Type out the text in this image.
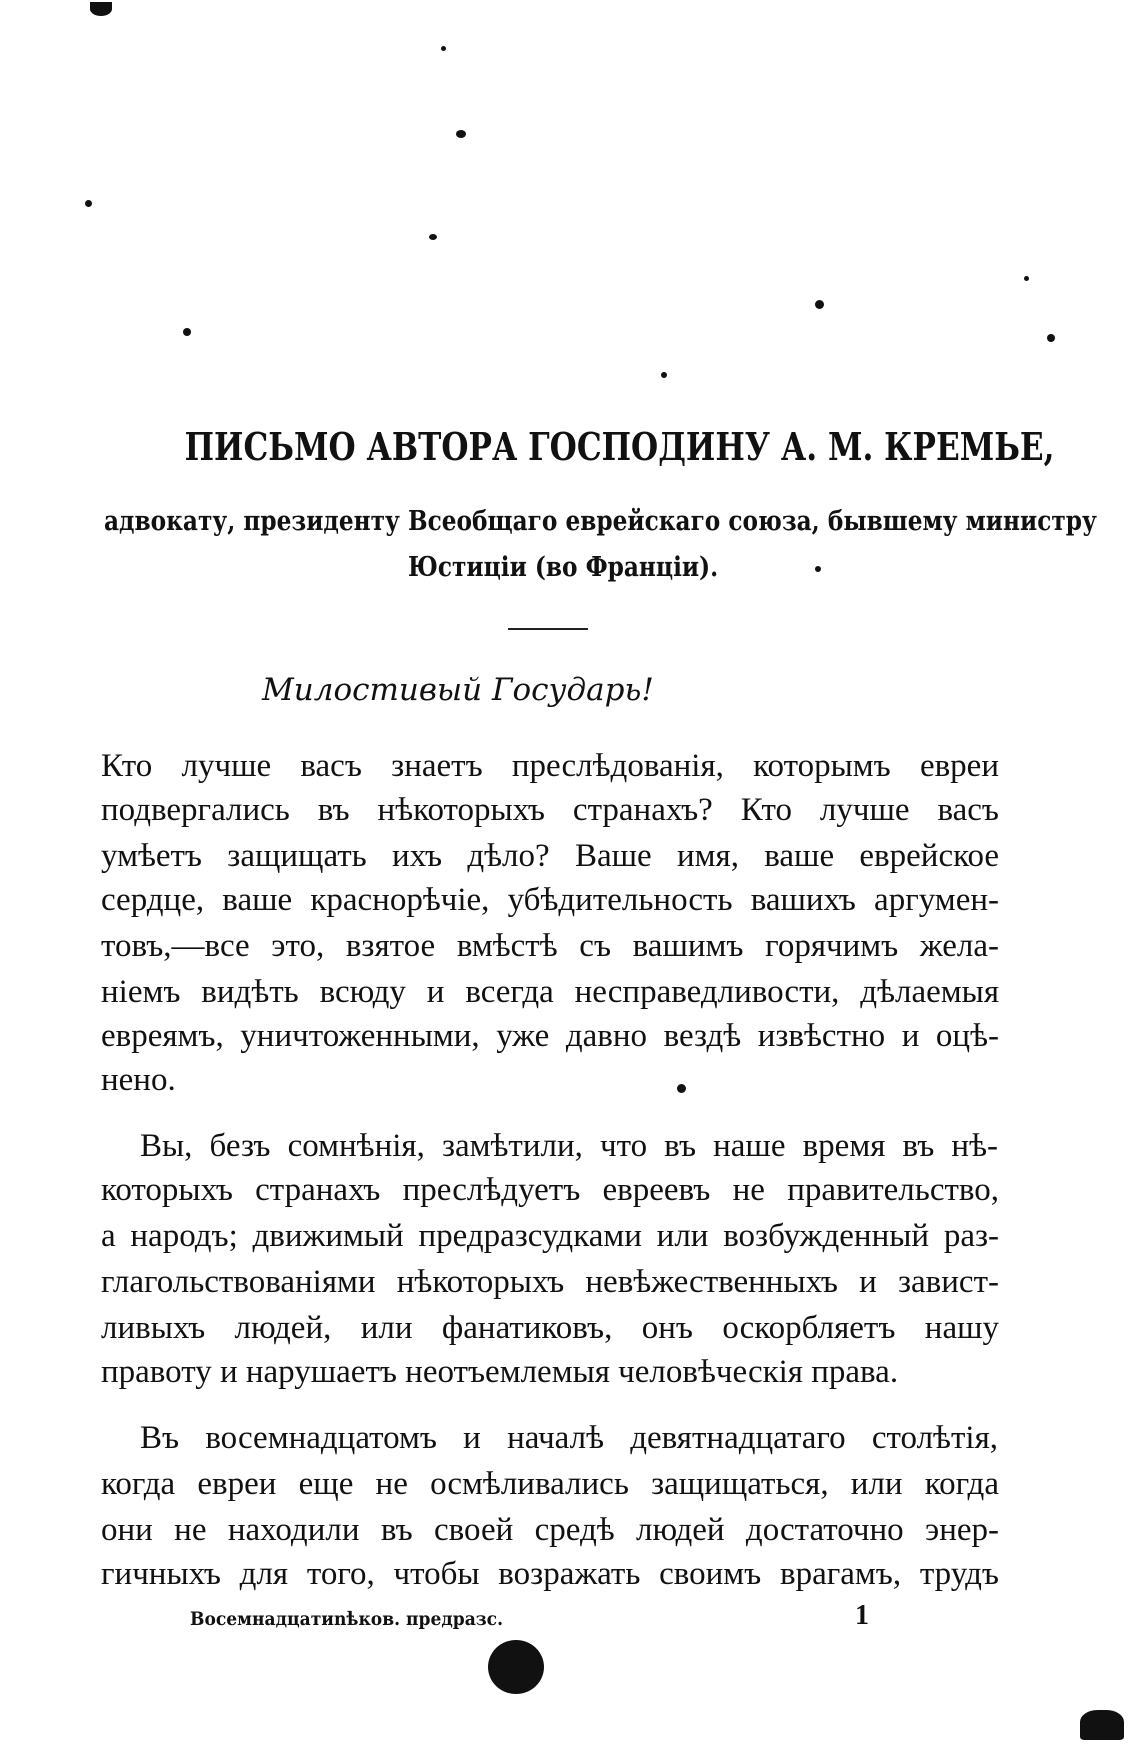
ПИСЬМО АВТОРА ГОСПОДИНУ А. М. КРЕМЬЕ,
адвокату, президенту Всеобщаго еврейскаго союза, бывшему министру
Юстиціи (во Франціи).
Милостивый Государь!
Кто лучше васъ знаетъ преслѣдованія, которымъ евреи
подвергались въ нѣкоторыхъ странахъ? Кто лучше васъ
умѣетъ защищать ихъ дѣло? Ваше имя, ваше еврейское
сердце, ваше краснорѣчіе, убѣдительность вашихъ аргумен-
товъ,—все это, взятое вмѣстѣ съ вашимъ горячимъ жела-
ніемъ видѣть всюду и всегда несправедливости, дѣлаемыя
евреямъ, уничтоженными, уже давно вездѣ извѣстно и оцѣ-
нено.
Вы, безъ сомнѣнія, замѣтили, что въ наше время въ нѣ-
которыхъ странахъ преслѣдуетъ евреевъ не правительство,
а народъ; движимый предразсудками или возбужденный раз-
глагольствованіями нѣкоторыхъ невѣжественныхъ и завист-
ливыхъ людей, или фанатиковъ, онъ оскорбляетъ нашу
правоту и нарушаетъ неотъемлемыя человѣческія права.
Въ восемнадцатомъ и началѣ девятнадцатаго столѣтія,
когда евреи еще не осмѣливались защищаться, или когда
они не находили въ своей средѣ людей достаточно энер-
гичныхъ для того, чтобы возражать своимъ врагамъ, трудъ
Восемнадцатиnѣков. предразс.	1
